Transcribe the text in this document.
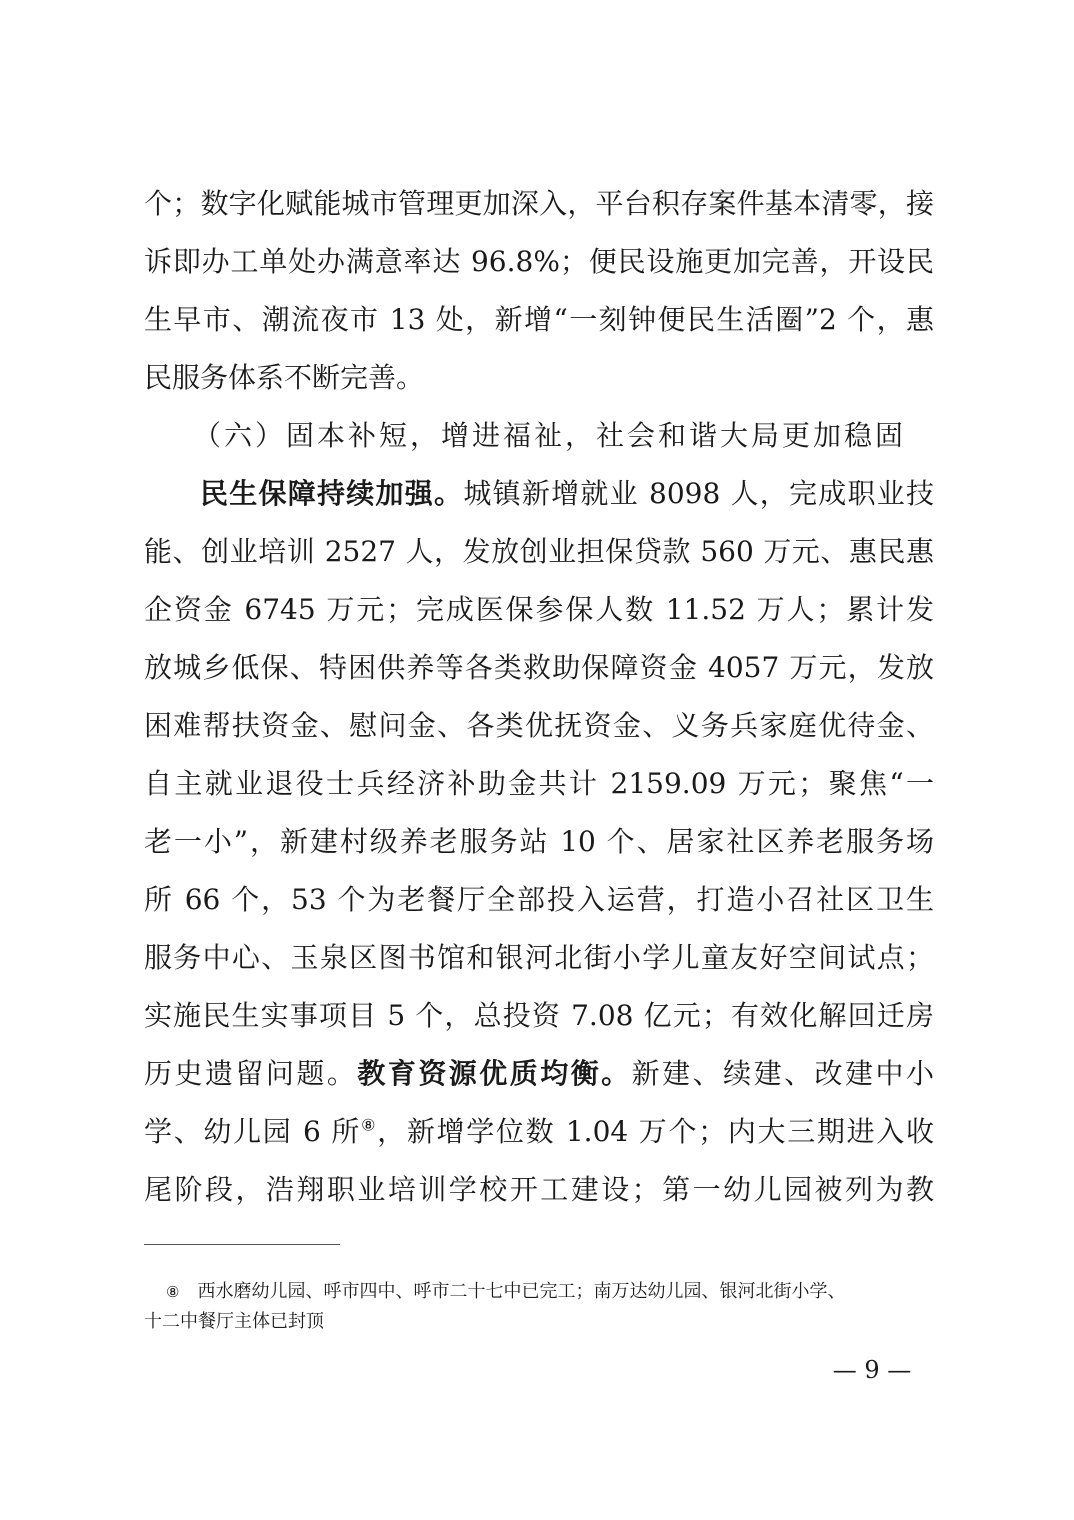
个；数字化赋能城市管理更加深入，平台积存案件基本清零，接
诉即办工单处办满意率达 96.8%；便民设施更加完善，开设民
生早市、潮流夜市 13 处，新增“一刻钟便民生活圈”2 个，惠
民服务体系不断完善。
（六）固本补短，增进福祉，社会和谐大局更加稳固
民生保障持续加强。城镇新增就业 8098 人，完成职业技
能、创业培训 2527 人，发放创业担保贷款 560 万元、惠民惠
企资金 6745 万元；完成医保参保人数 11.52 万人；累计发
放城乡低保、特困供养等各类救助保障资金 4057 万元，发放
困难帮扶资金、慰问金、各类优抚资金、义务兵家庭优待金、
自主就业退役士兵经济补助金共计 2159.09 万元；聚焦“一
老一小”，新建村级养老服务站 10 个、居家社区养老服务场
所 66 个，53 个为老餐厅全部投入运营，打造小召社区卫生
服务中心、玉泉区图书馆和银河北街小学儿童友好空间试点；
实施民生实事项目 5 个，总投资 7.08 亿元；有效化解回迁房
历史遗留问题。教育资源优质均衡。新建、续建、改建中小
学、幼儿园 6 所⑧，新增学位数 1.04 万个；内大三期进入收
尾阶段，浩翔职业培训学校开工建设；第一幼儿园被列为教
⑧ 西水磨幼儿园、呼市四中、呼市二十七中已完工；南万达幼儿园、银河北街小学、
十二中餐厅主体已封顶
— 9 —
